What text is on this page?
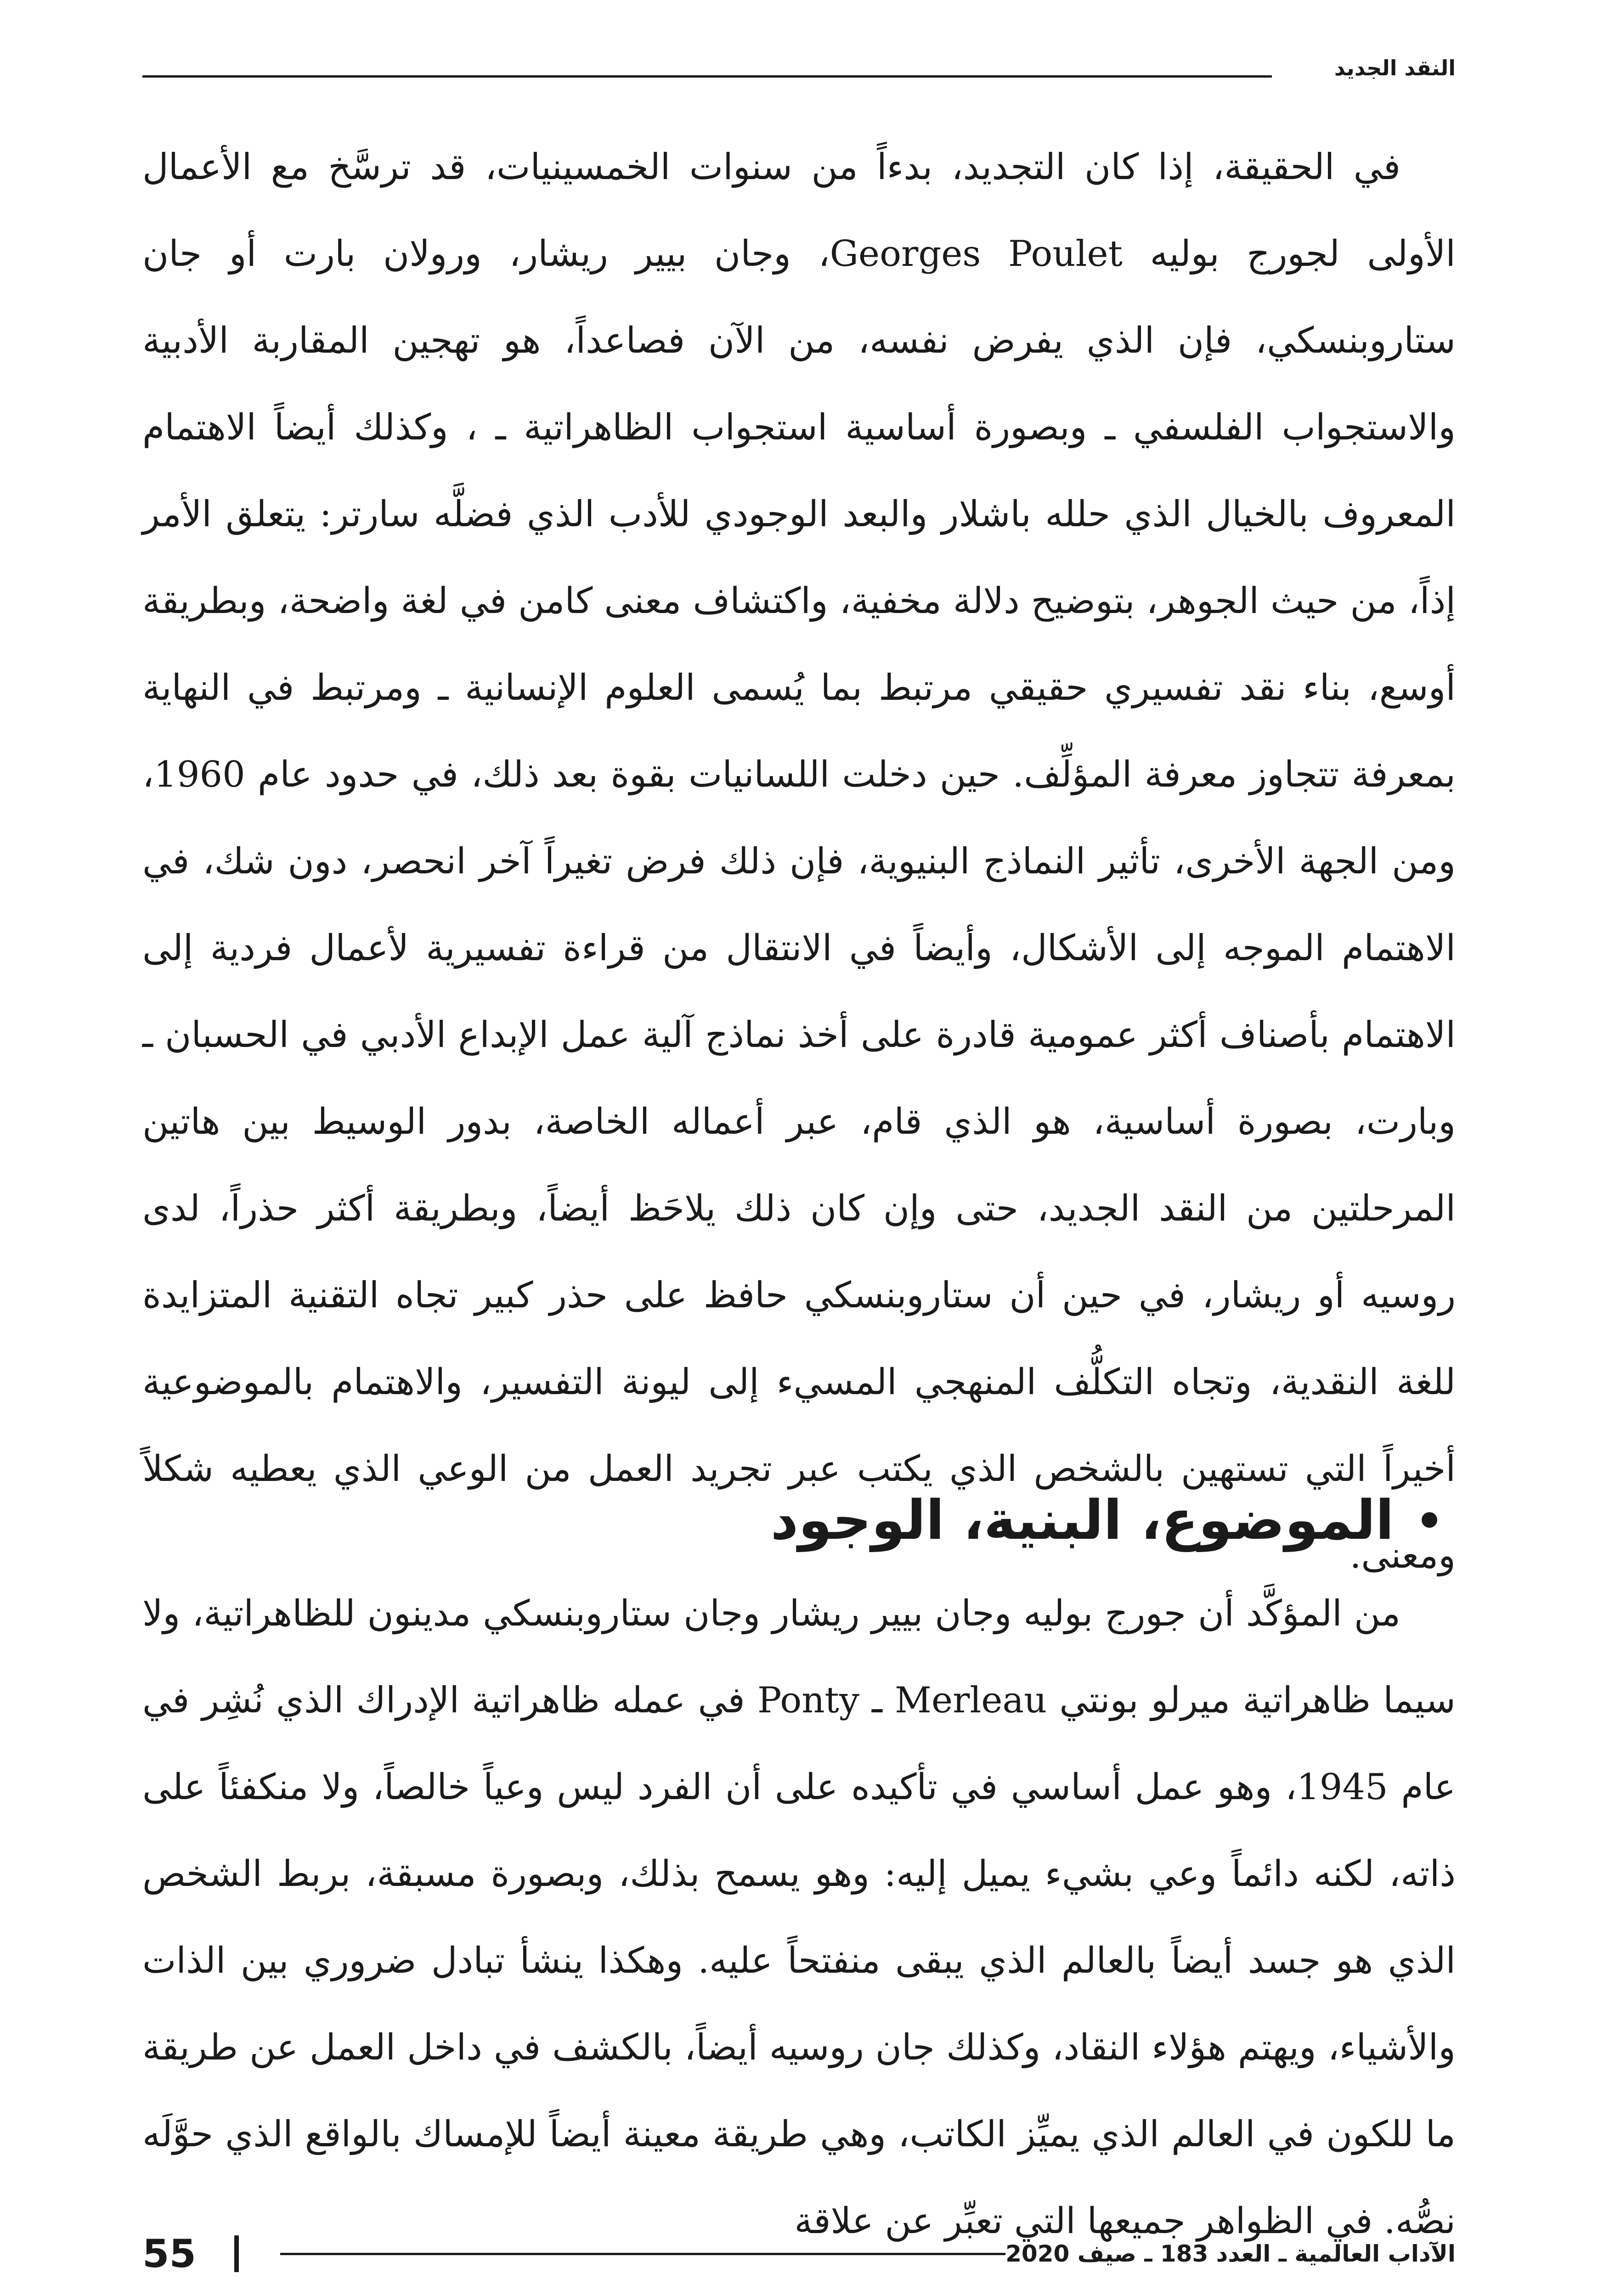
النقد الجديد

في الحقيقة، إذا كان التجديد، بدءاً من سنوات الخمسينيات، قد ترسَّخ مع الأعمال الأولى لجورج بوليه Georges Poulet، وجان بيير ريشار، ورولان بارت أو جان ستاروبنسكي، فإن الذي يفرض نفسه، من الآن فصاعداً، هو تهجين المقاربة الأدبية والاستجواب الفلسفي ـ وبصورة أساسية استجواب الظاهراتية ـ ، وكذلك أيضاً الاهتمام المعروف بالخيال الذي حلله باشلار والبعد الوجودي للأدب الذي فضلَّه سارتر: يتعلق الأمر إذاً، من حيث الجوهر، بتوضيح دلالة مخفية، واكتشاف معنى كامن في لغة واضحة، وبطريقة أوسع، بناء نقد تفسيري حقيقي مرتبط بما يُسمى العلوم الإنسانية ـ ومرتبط في النهاية بمعرفة تتجاوز معرفة المؤلِّف. حين دخلت اللسانيات بقوة بعد ذلك، في حدود عام 1960، ومن الجهة الأخرى، تأثير النماذج البنيوية، فإن ذلك فرض تغيراً آخر انحصر، دون شك، في الاهتمام الموجه إلى الأشكال، وأيضاً في الانتقال من قراءة تفسيرية لأعمال فردية إلى الاهتمام بأصناف أكثر عمومية قادرة على أخذ نماذج آلية عمل الإبداع الأدبي في الحسبان ـ وبارت، بصورة أساسية، هو الذي قام، عبر أعماله الخاصة، بدور الوسيط بين هاتين المرحلتين من النقد الجديد، حتى وإن كان ذلك يلاحَظ أيضاً، وبطريقة أكثر حذراً، لدى روسيه أو ريشار، في حين أن ستاروبنسكي حافظ على حذر كبير تجاه التقنية المتزايدة للغة النقدية، وتجاه التكلُّف المنهجي المسيء إلى ليونة التفسير، والاهتمام بالموضوعية أخيراً التي تستهين بالشخص الذي يكتب عبر تجريد العمل من الوعي الذي يعطيه شكلاً ومعنى.

الموضوع، البنية، الوجود

من المؤكَّد أن جورج بوليه وجان بيير ريشار وجان ستاروبنسكي مدينون للظاهراتية، ولا سيما ظاهراتية ميرلو بونتي Merleau ـ Ponty في عمله ظاهراتية الإدراك الذي نُشِر في عام 1945، وهو عمل أساسي في تأكيده على أن الفرد ليس وعياً خالصاً، ولا منكفئاً على ذاته، لكنه دائماً وعي بشيء يميل إليه: وهو يسمح بذلك، وبصورة مسبقة، بربط الشخص الذي هو جسد أيضاً بالعالم الذي يبقى منفتحاً عليه. وهكذا ينشأ تبادل ضروري بين الذات والأشياء، ويهتم هؤلاء النقاد، وكذلك جان روسيه أيضاً، بالكشف في داخل العمل عن طريقة ما للكون في العالم الذي يميِّز الكاتب، وهي طريقة معينة أيضاً للإمساك بالواقع الذي حوَّلَه نصُّه. في الظواهر جميعها التي تعبِّر عن علاقة

الآداب العالمية ـ العدد 183 ـ صيف 2020
55
